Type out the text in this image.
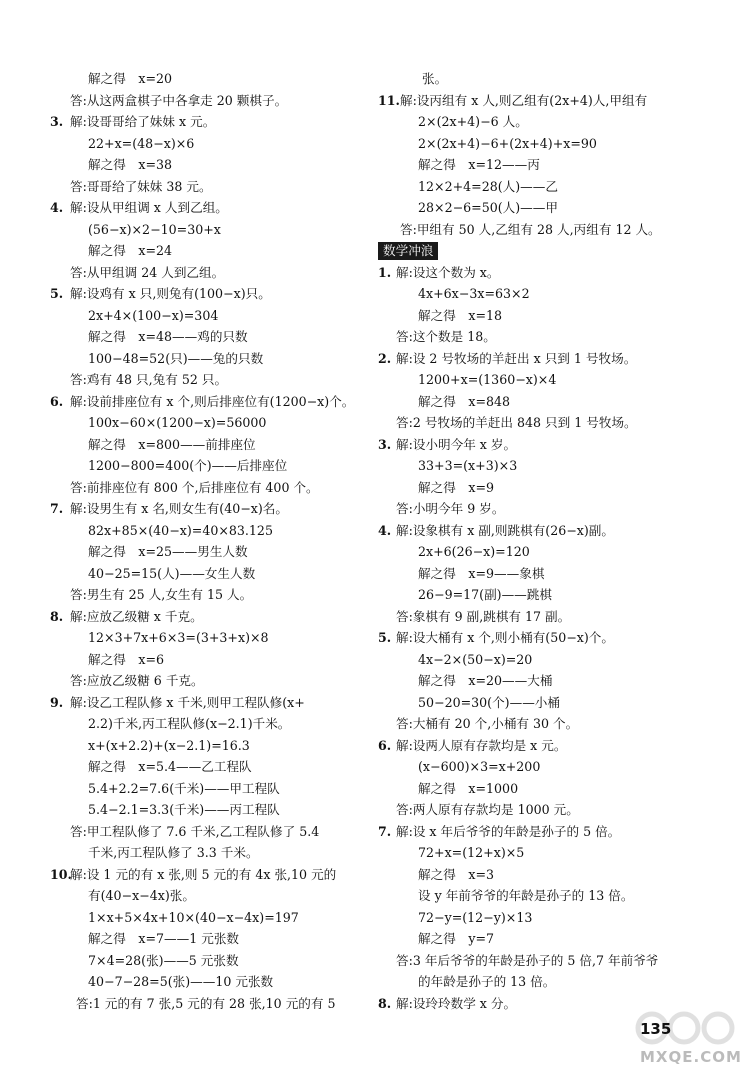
解之得　x=20
答:从这两盒棋子中各拿走 20 颗棋子。
3. 解:设哥哥给了妹妹 x 元。
22+x=(48−x)×6
解之得　x=38
答:哥哥给了妹妹 38 元。
4. 解:设从甲组调 x 人到乙组。
(56−x)×2−10=30+x
解之得　x=24
答:从甲组调 24 人到乙组。
5. 解:设鸡有 x 只,则兔有(100−x)只。
2x+4×(100−x)=304
解之得　x=48——鸡的只数
100−48=52(只)——兔的只数
答:鸡有 48 只,兔有 52 只。
6. 解:设前排座位有 x 个,则后排座位有(1200−x)个。
100x−60×(1200−x)=56000
解之得　x=800——前排座位
1200−800=400(个)——后排座位
答:前排座位有 800 个,后排座位有 400 个。
7. 解:设男生有 x 名,则女生有(40−x)名。
82x+85×(40−x)=40×83.125
解之得　x=25——男生人数
40−25=15(人)——女生人数
答:男生有 25 人,女生有 15 人。
8. 解:应放乙级糖 x 千克。
12×3+7x+6×3=(3+3+x)×8
解之得　x=6
答:应放乙级糖 6 千克。
9. 解:设乙工程队修 x 千米,则甲工程队修(x+
2.2)千米,丙工程队修(x−2.1)千米。
x+(x+2.2)+(x−2.1)=16.3
解之得　x=5.4——乙工程队
5.4+2.2=7.6(千米)——甲工程队
5.4−2.1=3.3(千米)——丙工程队
答:甲工程队修了 7.6 千米,乙工程队修了 5.4
千米,丙工程队修了 3.3 千米。
10.
解:设 1 元的有 x 张,则 5 元的有 4x 张,10 元的
有(40−x−4x)张。
1×x+5×4x+10×(40−x−4x)=197
解之得　x=7——1 元张数
7×4=28(张)——5 元张数
40−7−28=5(张)——10 元张数
答:1 元的有 7 张,5 元的有 28 张,10 元的有 5
张。
11. 解:设丙组有 x 人,则乙组有(2x+4)人,甲组有
2×(2x+4)−6 人。
2×(2x+4)−6+(2x+4)+x=90
解之得　x=12——丙
12×2+4=28(人)——乙
28×2−6=50(人)——甲
答:甲组有 50 人,乙组有 28 人,丙组有 12 人。
数学冲浪
1. 解:设这个数为 x。
4x+6x−3x=63×2
解之得　x=18
答:这个数是 18。
2. 解:设 2 号牧场的羊赶出 x 只到 1 号牧场。
1200+x=(1360−x)×4
解之得　x=848
答:2 号牧场的羊赶出 848 只到 1 号牧场。
3. 解:设小明今年 x 岁。
33+3=(x+3)×3
解之得　x=9
答:小明今年 9 岁。
4. 解:设象棋有 x 副,则跳棋有(26−x)副。
2x+6(26−x)=120
解之得　x=9——象棋
26−9=17(副)——跳棋
答:象棋有 9 副,跳棋有 17 副。
5. 解:设大桶有 x 个,则小桶有(50−x)个。
4x−2×(50−x)=20
解之得　x=20——大桶
50−20=30(个)——小桶
答:大桶有 20 个,小桶有 30 个。
6. 解:设两人原有存款均是 x 元。
(x−600)×3=x+200
解之得　x=1000
答:两人原有存款均是 1000 元。
7. 解:设 x 年后爷爷的年龄是孙子的 5 倍。
72+x=(12+x)×5
解之得　x=3
设 y 年前爷爷的年龄是孙子的 13 倍。
72−y=(12−y)×13
解之得　y=7
答:3 年后爷爷的年龄是孙子的 5 倍,7 年前爷爷
的年龄是孙子的 13 倍。
8. 解:设玲玲数学 x 分。
135
MXQE.COM
